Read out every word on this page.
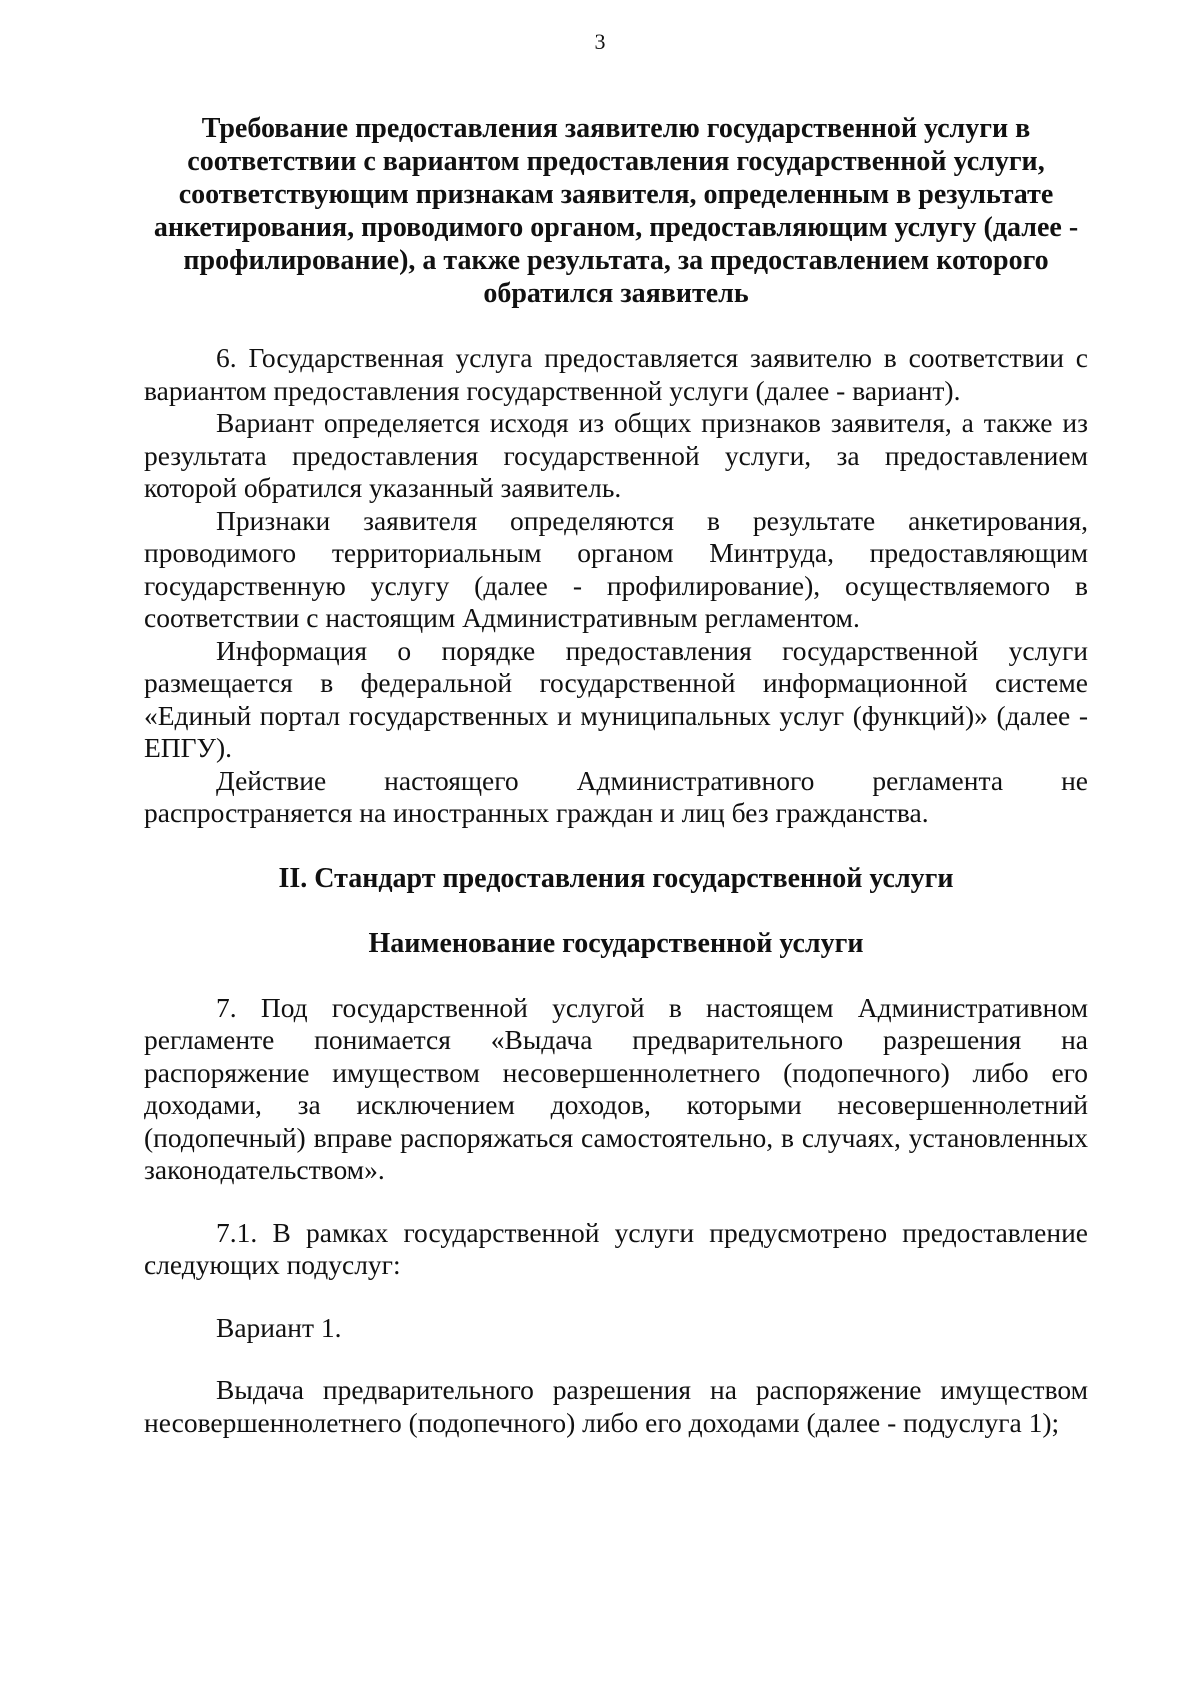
3
Требование предоставления заявителю государственной услуги в
соответствии с вариантом предоставления государственной услуги,
соответствующим признакам заявителя, определенным в результате
анкетирования, проводимого органом, предоставляющим услугу (далее -
профилирование), а также результата, за предоставлением которого
обратился заявитель

6. Государственная услуга предоставляется заявителю в соответствии с вариантом предоставления государственной услуги (далее - вариант).

Вариант определяется исходя из общих признаков заявителя, а также из результата предоставления государственной услуги, за предоставлением которой обратился указанный заявитель.

Признаки заявителя определяются в результате анкетирования, проводимого территориальным органом Минтруда, предоставляющим государственную услугу (далее - профилирование), осуществляемого в соответствии с настоящим Административным регламентом.

Информация о порядке предоставления государственной услуги размещается в федеральной государственной информационной системе «Единый портал государственных и муниципальных услуг (функций)» (далее - ЕПГУ).

Действие настоящего Административного регламента не распространяется на иностранных граждан и лиц без гражданства.

II. Стандарт предоставления государственной услуги

Наименование государственной услуги

7. Под государственной услугой в настоящем Административном регламенте понимается «Выдача предварительного разрешения на распоряжение имуществом несовершеннолетнего (подопечного) либо его доходами, за исключением доходов, которыми несовершеннолетний (подопечный) вправе распоряжаться самостоятельно, в случаях, установленных законодательством».

7.1. В рамках государственной услуги предусмотрено предоставление следующих подуслуг:

Вариант 1.

Выдача предварительного разрешения на распоряжение имуществом несовершеннолетнего (подопечного) либо его доходами (далее - подуслуга 1);
